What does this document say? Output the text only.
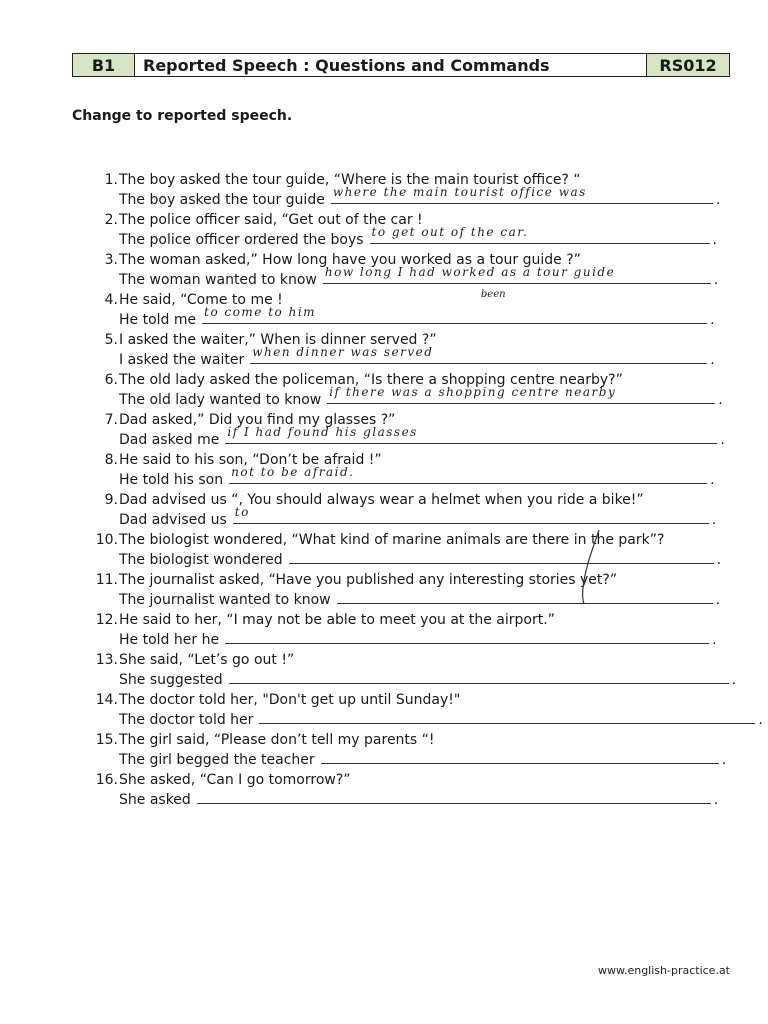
B1	Reported Speech : Questions and Commands	RS012
Change to reported speech.
1. The boy asked the tour guide, “Where is the main tourist office? “
The boy asked the tour guide where the main tourist office was	.
2. The police officer said, “Get out of the car !
The police officer ordered the boys to get out of the car.	.
3. The woman asked,” How long have you worked as a tour guide ?”
The woman wanted to know how long I had worked as a tour guide
been
.
4. He said, “Come to me !
He told me to come to him	.
5. I asked the waiter,” When is dinner served ?”
I asked the waiter when dinner was served	.
6. The old lady asked the policeman, “Is there a shopping centre nearby?”
The old lady wanted to know if there was a shopping centre nearby	.
7. Dad asked,” Did you find my glasses ?”
Dad asked me if I had found his glasses	.
8. He said to his son, “Don’t be afraid !”
He told his son not to be afraid.	.
9. Dad advised us “, You should always wear a helmet when you ride a bike!”
Dad advised us to	.
10. The biologist wondered, “What kind of marine animals are there in the park”?
The biologist wondered	.
11. The journalist asked, “Have you published any interesting stories yet?”
The journalist wanted to know	.
12. He said to her, “I may not be able to meet you at the airport.”
He told her he	.
13. She said, “Let’s go out !”
She suggested	.
14. The doctor told her, "Don't get up until Sunday!"
The doctor told her	.
15. The girl said, “Please don’t tell my parents “!
The girl begged the teacher	.
16. She asked, “Can I go tomorrow?”
She asked	.
www.english-practice.at
